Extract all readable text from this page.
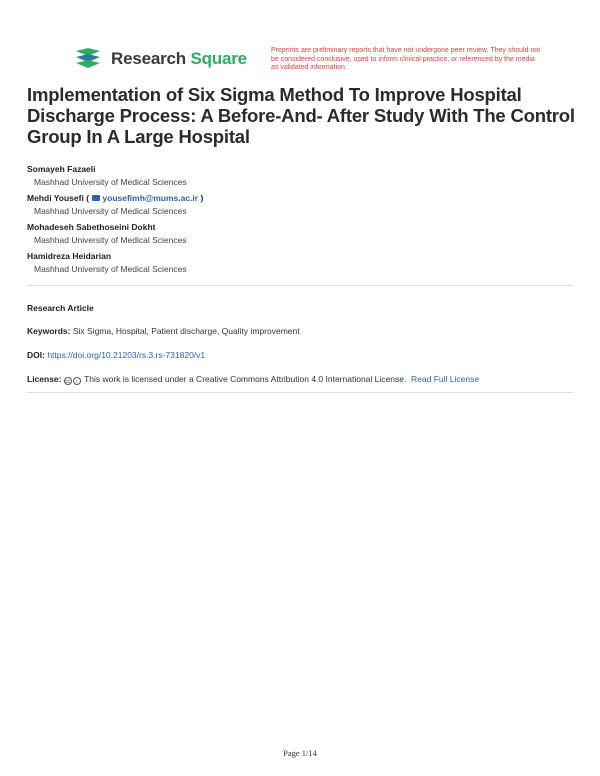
Research Square	Preprints are preliminary reports that have not undergone peer review. They should not be considered conclusive, used to inform clinical practice, or referenced by the media as validated information.
Implementation of Six Sigma Method To Improve Hospital Discharge Process: A Before-And- After Study With The Control Group In A Large Hospital
Somayeh Fazaeli
Mashhad University of Medical Sciences
Mehdi Yousefi ( yousefimh@mums.ac.ir )
Mashhad University of Medical Sciences
Mohadeseh Sabethoseini Dokht
Mashhad University of Medical Sciences
Hamidreza Heidarian
Mashhad University of Medical Sciences
Research Article
Keywords: Six Sigma, Hospital, Patient discharge, Quality improvement
DOI: https://doi.org/10.21203/rs.3.rs-731820/v1
License: cc i This work is licensed under a Creative Commons Attribution 4.0 International License. Read Full License
Page 1/14
